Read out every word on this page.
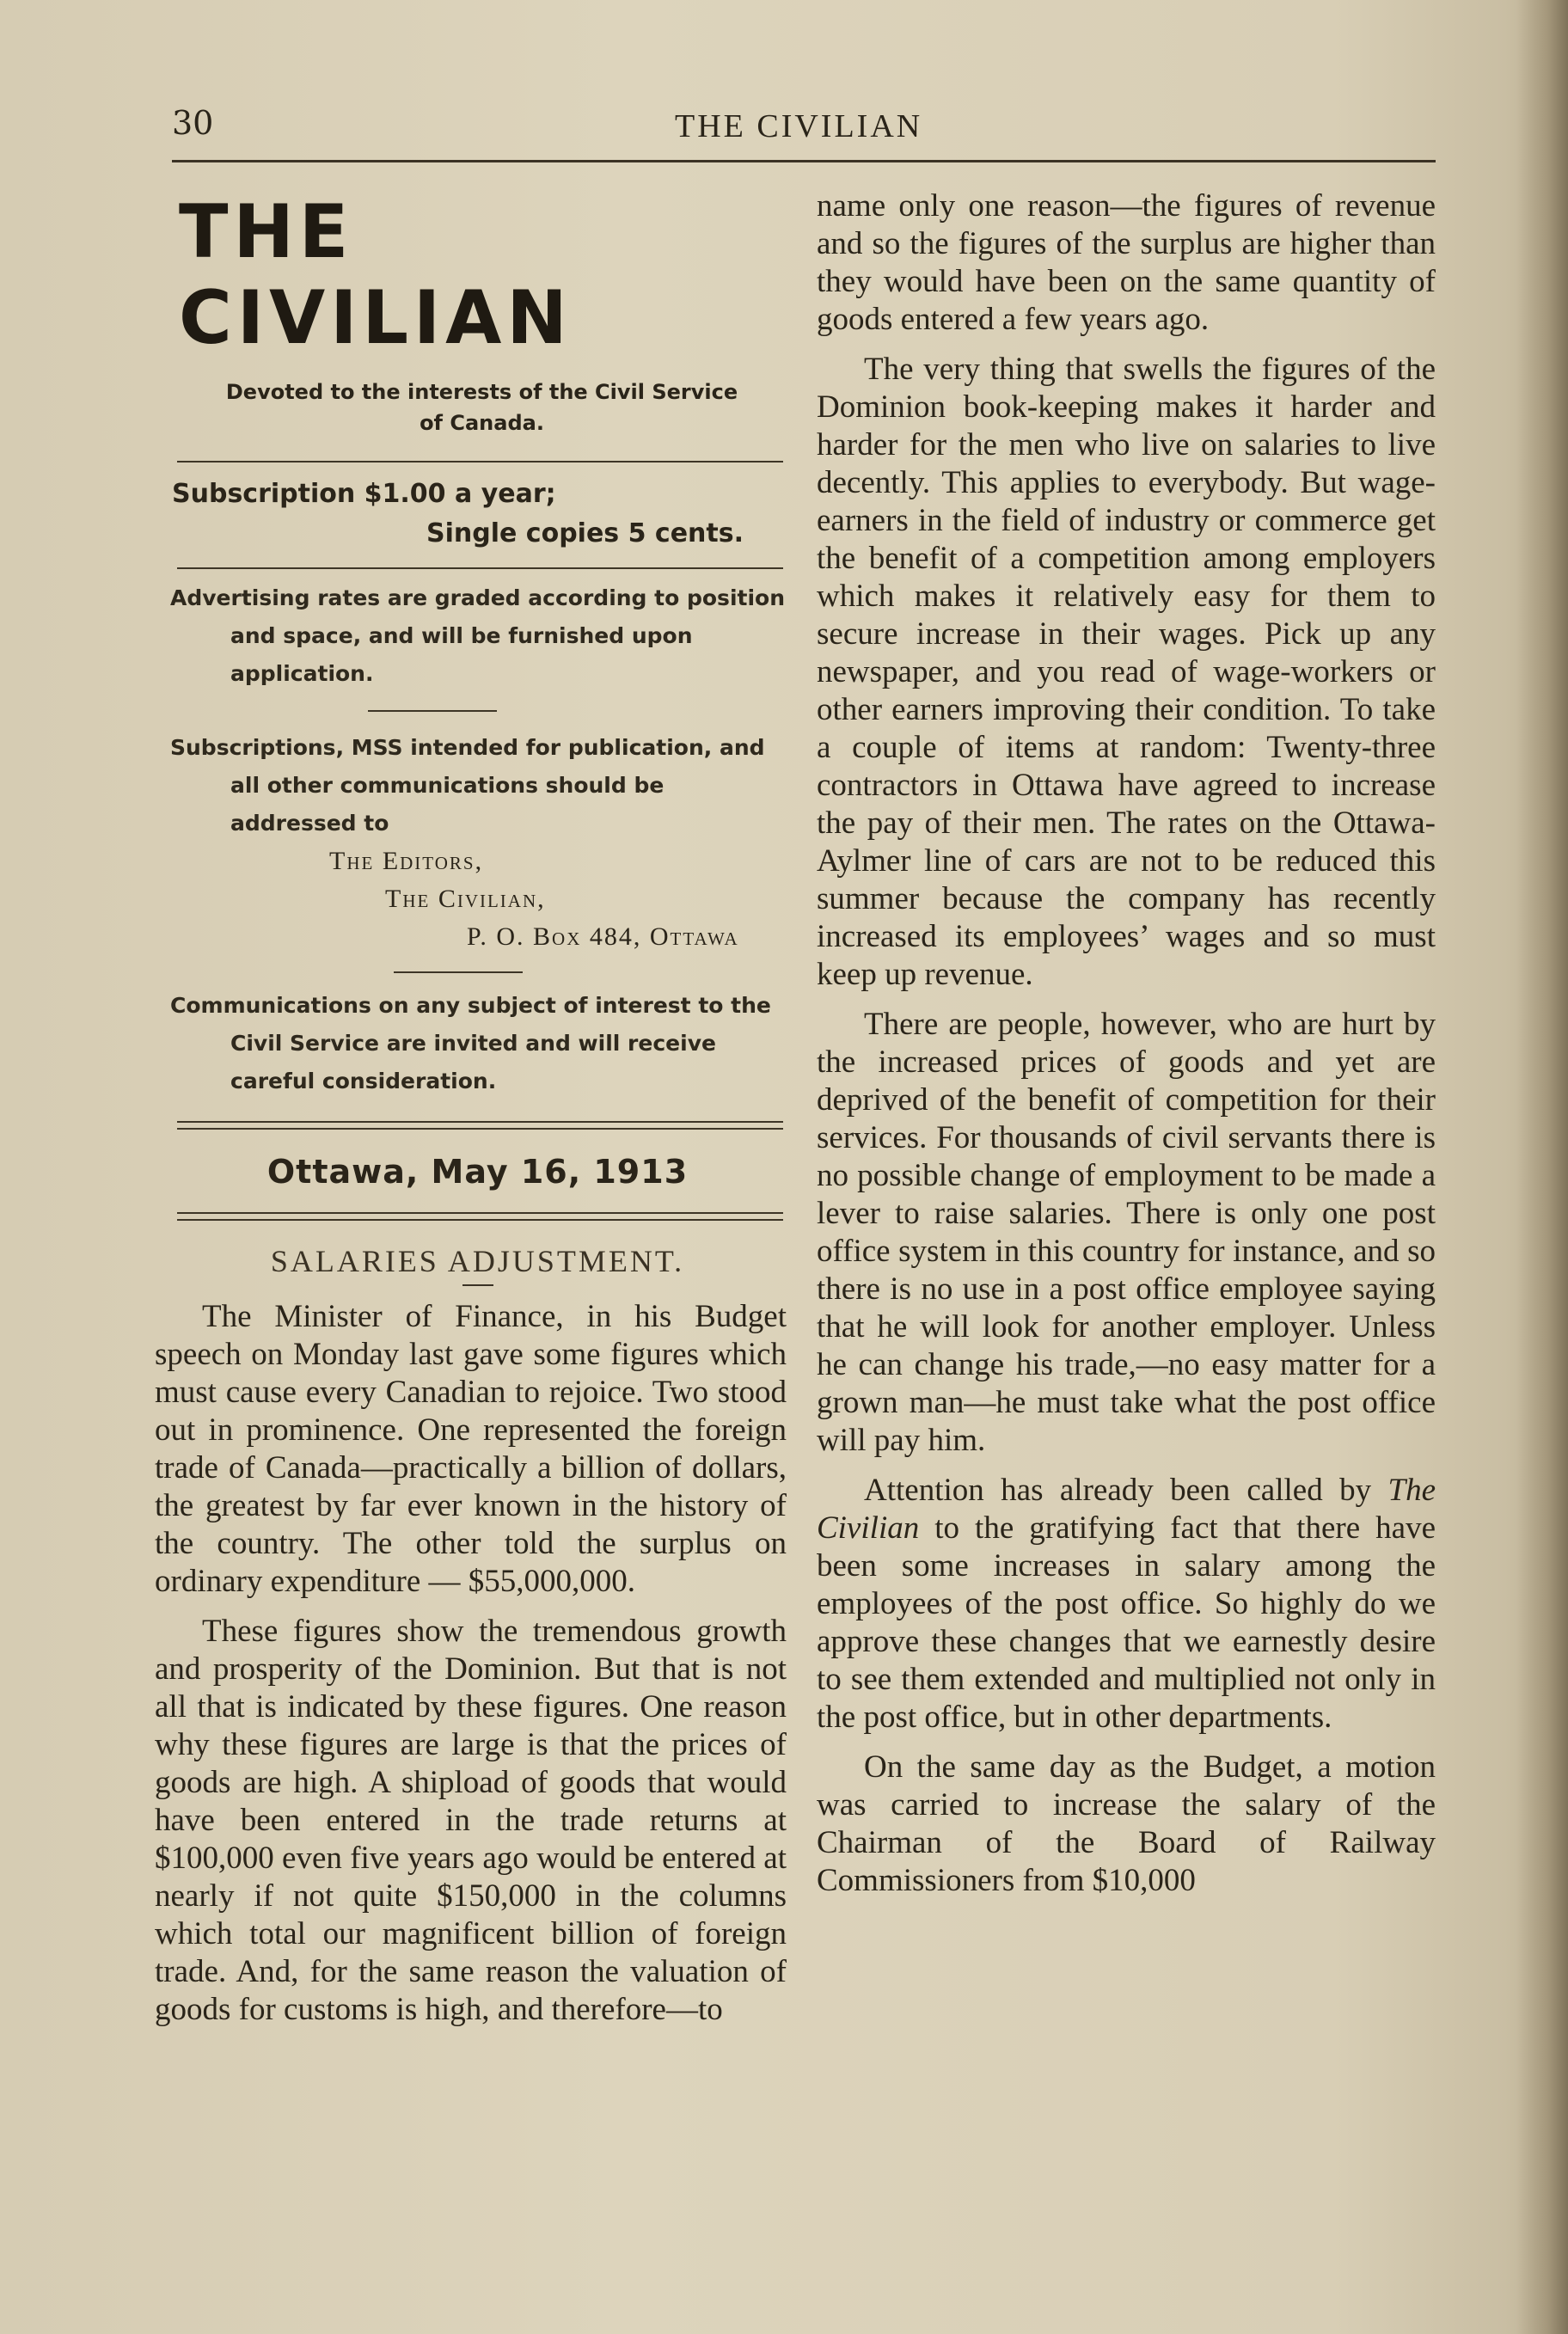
30	THE CIVILIAN
THE CIVILIAN
Devoted to the interests of the Civil Service
of Canada.
Subscription $1.00 a year;
Single copies 5 cents.
Advertising rates are graded according to position and space, and will be furnished upon application.
Subscriptions, MSS intended for publication, and all other communications should be addressed to
The Editors,
The Civilian,
P. O. Box 484, Ottawa
Communications on any subject of interest to the Civil Service are invited and will receive careful consideration.
Ottawa, May 16, 1913
SALARIES ADJUSTMENT.

The Minister of Finance, in his Budget speech on Monday last gave some figures which must cause every Canadian to rejoice. Two stood out in prominence. One represented the foreign trade of Canada—practically a billion of dollars, the greatest by far ever known in the history of the country. The other told the surplus on ordinary expenditure — $55,000,000.

These figures show the tremendous growth and prosperity of the Dominion. But that is not all that is indicated by these figures. One reason why these figures are large is that the prices of goods are high. A shipload of goods that would have been entered in the trade returns at $100,000 even five years ago would be entered at nearly if not quite $150,000 in the columns which total our magnificent billion of foreign trade. And, for the same reason the valuation of goods for customs is high, and therefore—to

name only one reason—the figures of revenue and so the figures of the surplus are higher than they would have been on the same quantity of goods entered a few years ago.

The very thing that swells the figures of the Dominion book-keeping makes it harder and harder for the men who live on salaries to live decently. This applies to everybody. But wage-earners in the field of industry or commerce get the benefit of a competition among employers which makes it relatively easy for them to secure increase in their wages. Pick up any newspaper, and you read of wage-workers or other earners improving their condition. To take a couple of items at random: Twenty-three contractors in Ottawa have agreed to increase the pay of their men. The rates on the Ottawa-Aylmer line of cars are not to be reduced this summer because the company has recently increased its employees’ wages and so must keep up revenue.

There are people, however, who are hurt by the increased prices of goods and yet are deprived of the benefit of competition for their services. For thousands of civil servants there is no possible change of employment to be made a lever to raise salaries. There is only one post office system in this country for instance, and so there is no use in a post office employee saying that he will look for another employer. Unless he can change his trade,—no easy matter for a grown man—he must take what the post office will pay him.

Attention has already been called by The Civilian to the gratifying fact that there have been some increases in salary among the employees of the post office. So highly do we approve these changes that we earnestly desire to see them extended and multiplied not only in the post office, but in other departments.

On the same day as the Budget, a motion was carried to increase the salary of the Chairman of the Board of Railway Commissioners from $10,000
